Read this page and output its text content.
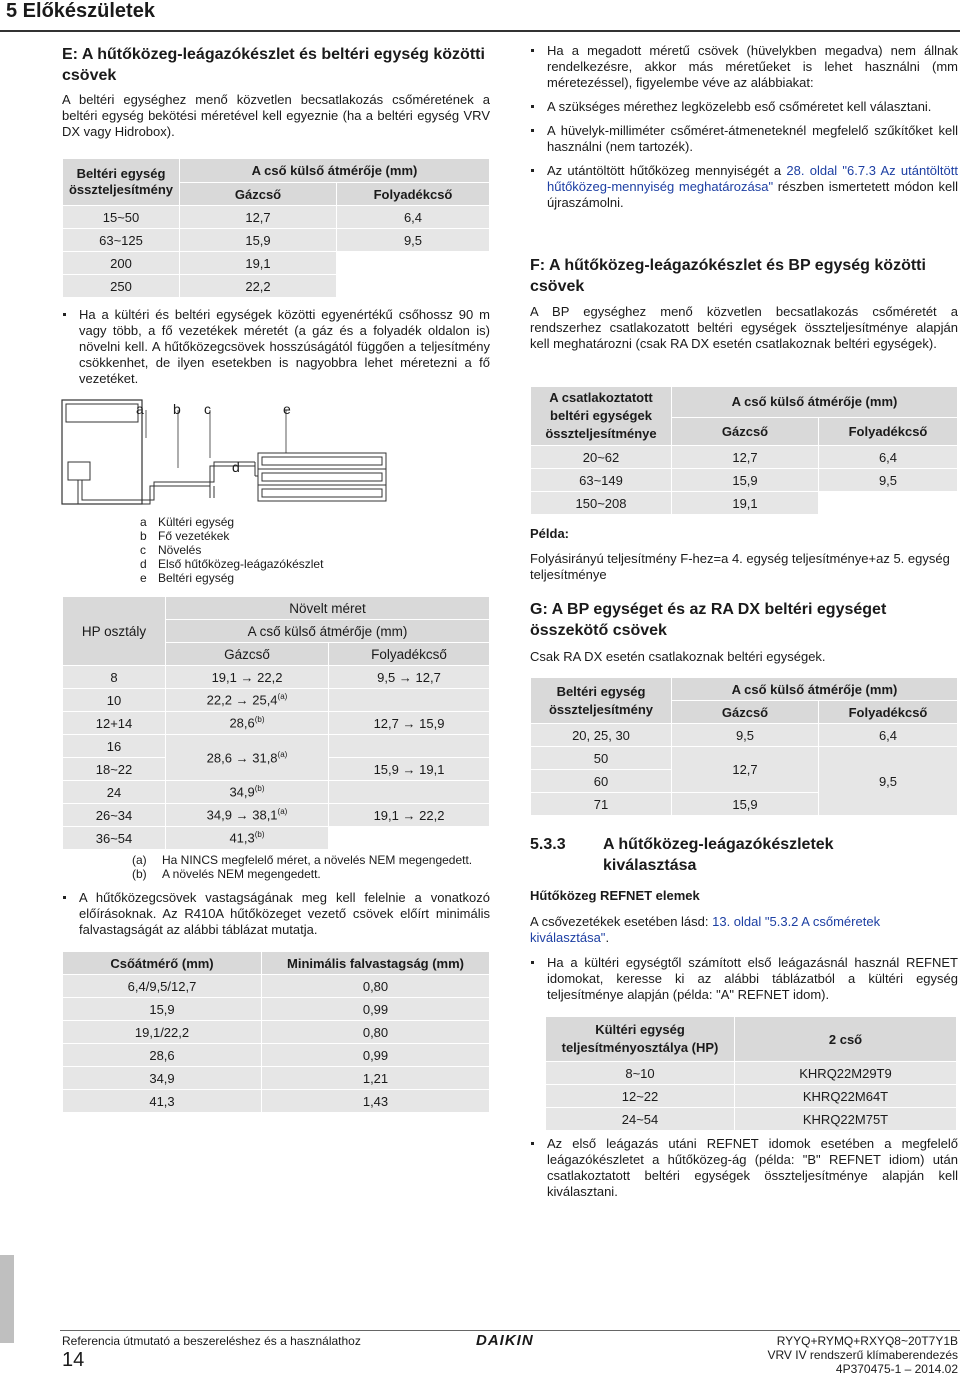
5 Előkészületek
E: A hűtőközeg-leágazókészlet és beltéri egység közötti csövek

A beltéri egységhez menő közvetlen becsatlakozás csőméretének a beltéri egység bekötési méretével kell egyeznie (ha a beltéri egység VRV DX vagy Hidrobox).

Beltéri egység összteljesítmény	A cső külső átmérője (mm)	
	Gázcső	Folyadékcső
15~50	12,7	6,4
63~125	15,9	9,5
200	19,1	
250	22,2	

Ha a kültéri és beltéri egységek közötti egyenértékű csőhossz 90 m vagy több, a fő vezetékek méretét (a gáz és a folyadék oldalon is) növelni kell. A hűtőközegcsövek hosszúságától függően a teljesítmény csökkenhet, de ilyen esetekben is nagyobbra lehet méretezni a fő vezetéket.

a b c	e
d
a Kültéri egység
b Fő vezetékek
c	Növelés
d Első hűtőközeg-leágazókészlet
e Beltéri egység
HP osztály	Növelt méret	
	A cső külső átmérője (mm)	
	Gázcső	Folyadékcső
8	19,1 → 22,2	9,5 → 12,7
10	$22,2 \to 25,4^{(a)}$	
12+14	28,6$^{(b)}$	12,7 → 15,9
16	$28,6 \to 31,8^{(a)}$	
18~22		15,9 → 19,1
24	34,9$^{(b)}$	
26~34	$34,9 \to 38,1^{(a)}$	19,1 → 22,2
36~54	41,3$^{(b)}$	
(a)	Ha NINCS megfelelő méret, a növelés NEM megengedett.
(b)	A növelés NEM megengedett.

A hűtőközegcsövek vastagságának meg kell felelnie a vonatkozó előírásoknak. Az R410A hűtőközeget vezető csövek előírt minimális falvastagságát az alábbi táblázat mutatja.

Csőátmérő (mm)	Minimális falvastagság (mm)
6,4/9,5/12,7	0,80
15,9	0,99
19,1/22,2	0,80
28,6	0,99
34,9	1,21
41,3	1,43

Ha a megadott méretű csövek (hüvelykben megadva) nem állnak rendelkezésre, akkor más méretűeket is lehet használni (mm méretezéssel), figyelembe véve az alábbiakat:

A szükséges mérethez legközelebb eső csőméretet kell választani.

A hüvelyk-milliméter csőméret-átmeneteknél megfelelő szűkítőket kell használni (nem tartozék).

Az utántöltött hűtőközeg mennyiségét a 28. oldal "6.7.3 Az utántöltött hűtőközeg-mennyiség meghatározása" részben ismertetett módon kell újraszámolni.

F: A hűtőközeg-leágazókészlet és BP egység közötti csövek

A BP egységhez menő közvetlen becsatlakozás csőméretét a rendszerhez csatlakozatott beltéri egységek összteljesítménye alapján kell meghatározni (csak RA DX esetén csatlakoznak beltéri egységek).

A csatlakoztatott beltéri egységek összteljesítménye	A cső külső átmérője (mm)	
	Gázcső	Folyadékcső
20~62	12,7	6,4
63~149	15,9	9,5
150~208	19,1	

Példa:

Folyásirányú teljesítmény F-hez=a 4. egység teljesítménye+az 5. egység teljesítménye

G: A BP egységet és az RA DX beltéri egységet összekötő csövek

Csak RA DX esetén csatlakoznak beltéri egységek.

Beltéri egység összteljesítmény	A cső külső átmérője (mm)	
	Gázcső	Folyadékcső
20, 25, 30	9,5	6,4
50	12,7	9,5
60		
71	15,9	
5.3.3	A hűtőközeg-leágazókészletek kiválasztása

Hűtőközeg REFNET elemek

A csővezetékek esetében lásd: 13. oldal "5.3.2 A csőméretek kiválasztása".

Ha a kültéri egységtől számított első leágazásnál használ REFNET idomokat, keresse ki az alábbi táblázatból a kültéri egység teljesítménye alapján (példa: "A" REFNET idom).

Kültéri egység teljesítményosztálya (HP)	2 cső
8~10	KHRQ22M29T9
12~22	KHRQ22M64T
24~54	KHRQ22M75T

Az első leágazás utáni REFNET idomok esetében a megfelelő leágazókészletet a hűtőközeg-ág (példa: "B" REFNET idiom) után csatlakoztatott beltéri egységek összteljesítménye alapján kell kiválasztani.

Referencia útmutató a beszereléshez és a használathoz
14
DAIKIN	RYYQ+RYMQ+RXYQ8~20T7Y1B
VRV IV rendszerű klímaberendezés
4P370475-1 – 2014.02
